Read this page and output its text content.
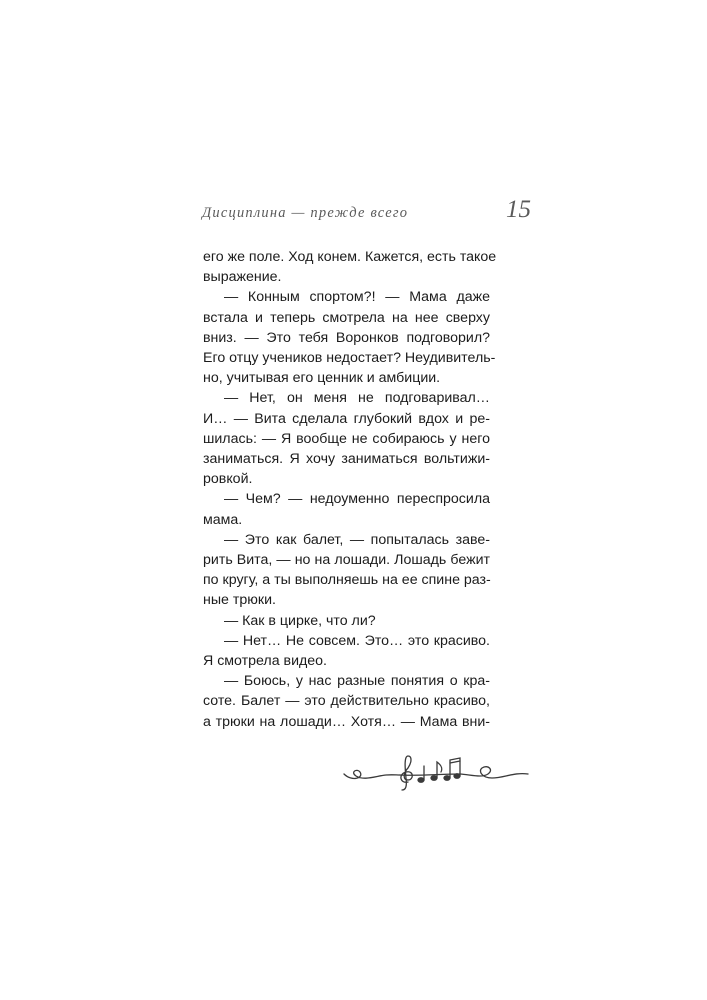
Дисциплина — прежде всего	15

его же поле. Ход конем. Кажется, есть такое
выражение.

— Конным спортом?! — Мама даже
встала и теперь смотрела на нее сверху
вниз. — Это тебя Воронков подговорил?
Его отцу учеников недостает? Неудивитель-
но, учитывая его ценник и амбиции.

— Нет, он меня не подговаривал…
И… — Вита сделала глубокий вдох и ре-
шилась: — Я вообще не собираюсь у него
заниматься. Я хочу заниматься вольтижи-
ровкой.

— Чем? — недоуменно переспросила
мама.

— Это как балет, — попыталась заве-
рить Вита, — но на лошади. Лошадь бежит
по кругу, а ты выполняешь на ее спине раз-
ные трюки.

— Как в цирке, что ли?

— Нет… Не совсем. Это… это красиво.
Я смотрела видео.

— Боюсь, у нас разные понятия о кра-
соте. Балет — это действительно красиво,
а трюки на лошади… Хотя… — Мама вни-
